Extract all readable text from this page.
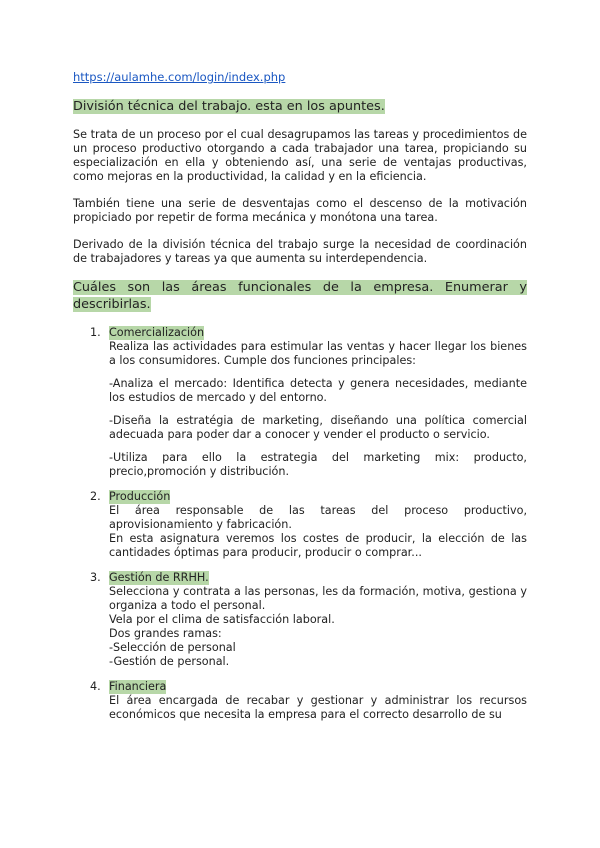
https://aulamhe.com/login/index.php
División técnica del trabajo. esta en los apuntes.

Se trata de un proceso por el cual desagrupamos las tareas y procedimientos de un proceso productivo otorgando a cada trabajador una tarea, propiciando su especialización en ella y obteniendo así, una serie de ventajas productivas, como mejoras en la productividad, la calidad y en la eficiencia.

También tiene una serie de desventajas como el descenso de la motivación propiciado por repetir de forma mecánica y monótona una tarea.

Derivado de la división técnica del trabajo surge la necesidad de coordinación de trabajadores y tareas ya que aumenta su interdependencia.

Cuáles son las áreas funcionales de la empresa. Enumerar y describirlas.
1. Comercialización
Realiza las actividades para estimular las ventas y hacer llegar los bienes a los consumidores. Cumple dos funciones principales:
-Analiza el mercado: Identifica detecta y genera necesidades, mediante los estudios de mercado y del entorno.
-Diseña la estratégia de marketing, diseñando una política comercial adecuada para poder dar a conocer y vender el producto o servicio.
-Utiliza para ello la estrategia del marketing mix: producto, precio,promoción y distribución.
2. Producción
El área responsable de las tareas del proceso productivo, aprovisionamiento y fabricación.
En esta asignatura veremos los costes de producir, la elección de las cantidades óptimas para producir, producir o comprar...
3. Gestión de RRHH.
Selecciona y contrata a las personas, les da formación, motiva, gestiona y organiza a todo el personal.
Vela por el clima de satisfacción laboral.
Dos grandes ramas:
-Selección de personal
-Gestión de personal.
4. Financiera
El área encargada de recabar y gestionar y administrar los recursos económicos que necesita la empresa para el correcto desarrollo de su
